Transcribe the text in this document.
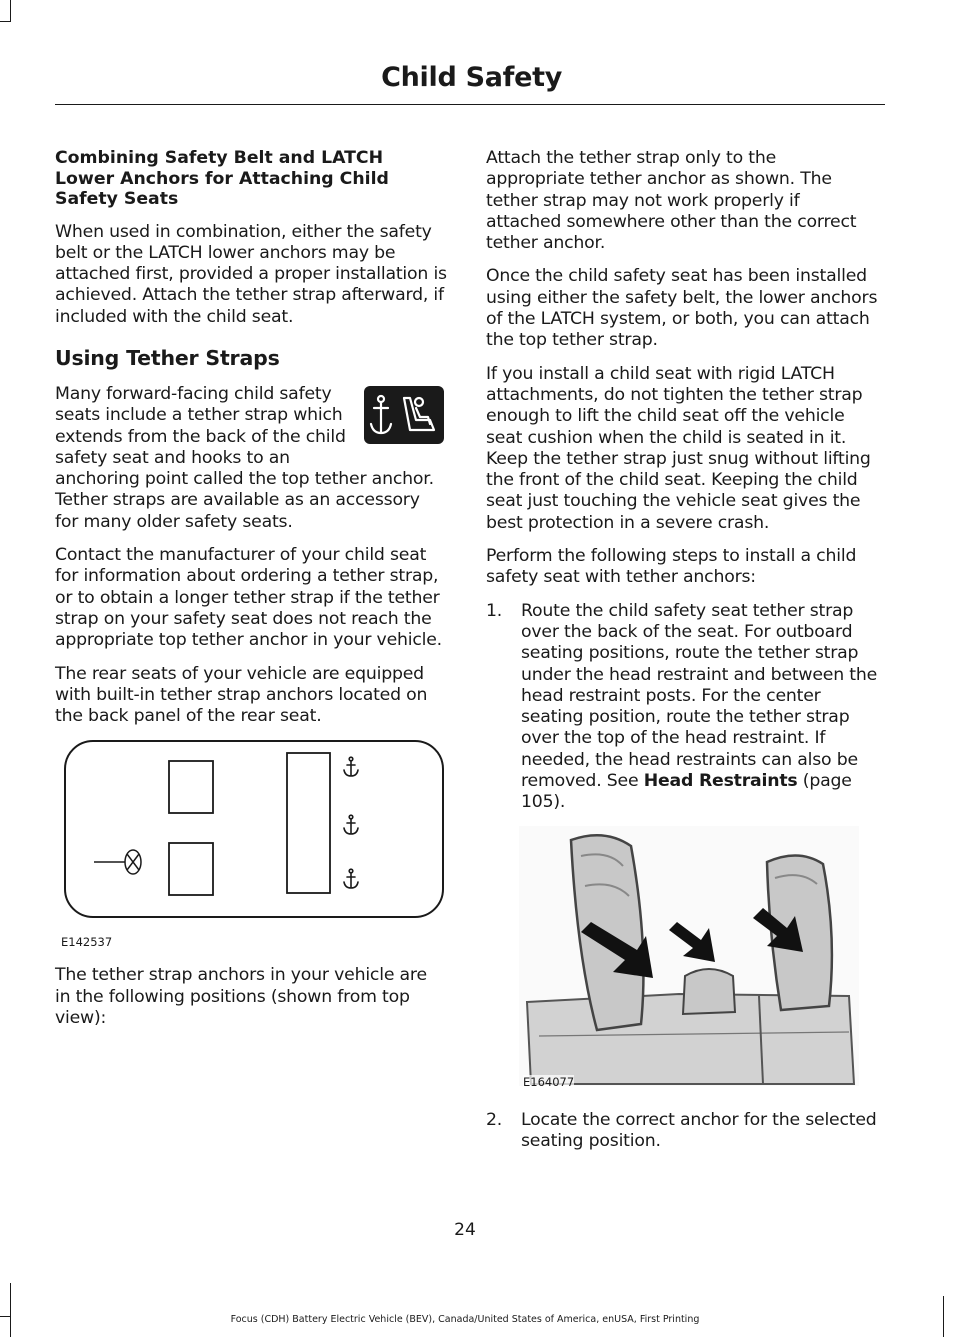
Child Safety
Combining Safety Belt and LATCH Lower Anchors for Attaching Child Safety Seats

When used in combination, either the safety belt or the LATCH lower anchors may be attached first, provided a proper installation is achieved. Attach the tether strap afterward, if included with the child seat.

Using Tether Straps

Many forward-facing child safety seats include a tether strap which extends from the back of the child safety seat and hooks to an anchoring point called the top tether anchor. Tether straps are available as an accessory for many older safety seats.

Contact the manufacturer of your child seat for information about ordering a tether strap, or to obtain a longer tether strap if the tether strap on your safety seat does not reach the appropriate top tether anchor in your vehicle.

The rear seats of your vehicle are equipped with built-in tether strap anchors located on the back panel of the rear seat.

E142537

The tether strap anchors in your vehicle are in the following positions (shown from top view):

Attach the tether strap only to the appropriate tether anchor as shown. The tether strap may not work properly if attached somewhere other than the correct tether anchor.

Once the child safety seat has been installed using either the safety belt, the lower anchors of the LATCH system, or both, you can attach the top tether strap.

If you install a child seat with rigid LATCH attachments, do not tighten the tether strap enough to lift the child seat off the vehicle seat cushion when the child is seated in it. Keep the tether strap just snug without lifting the front of the child seat. Keeping the child seat just touching the vehicle seat gives the best protection in a severe crash.

Perform the following steps to install a child safety seat with tether anchors:

1.	Route the child safety seat tether strap over the back of the seat. For outboard seating positions, route the tether strap under the head restraint and between the head restraint posts. For the center seating position, route the tether strap over the top of the head restraint. If needed, the head restraints can also be removed. See Head Restraints (page 105).
E164077
2.	Locate the correct anchor for the selected seating position.
24
Focus (CDH) Battery Electric Vehicle (BEV), Canada/United States of America, enUSA, First Printing
